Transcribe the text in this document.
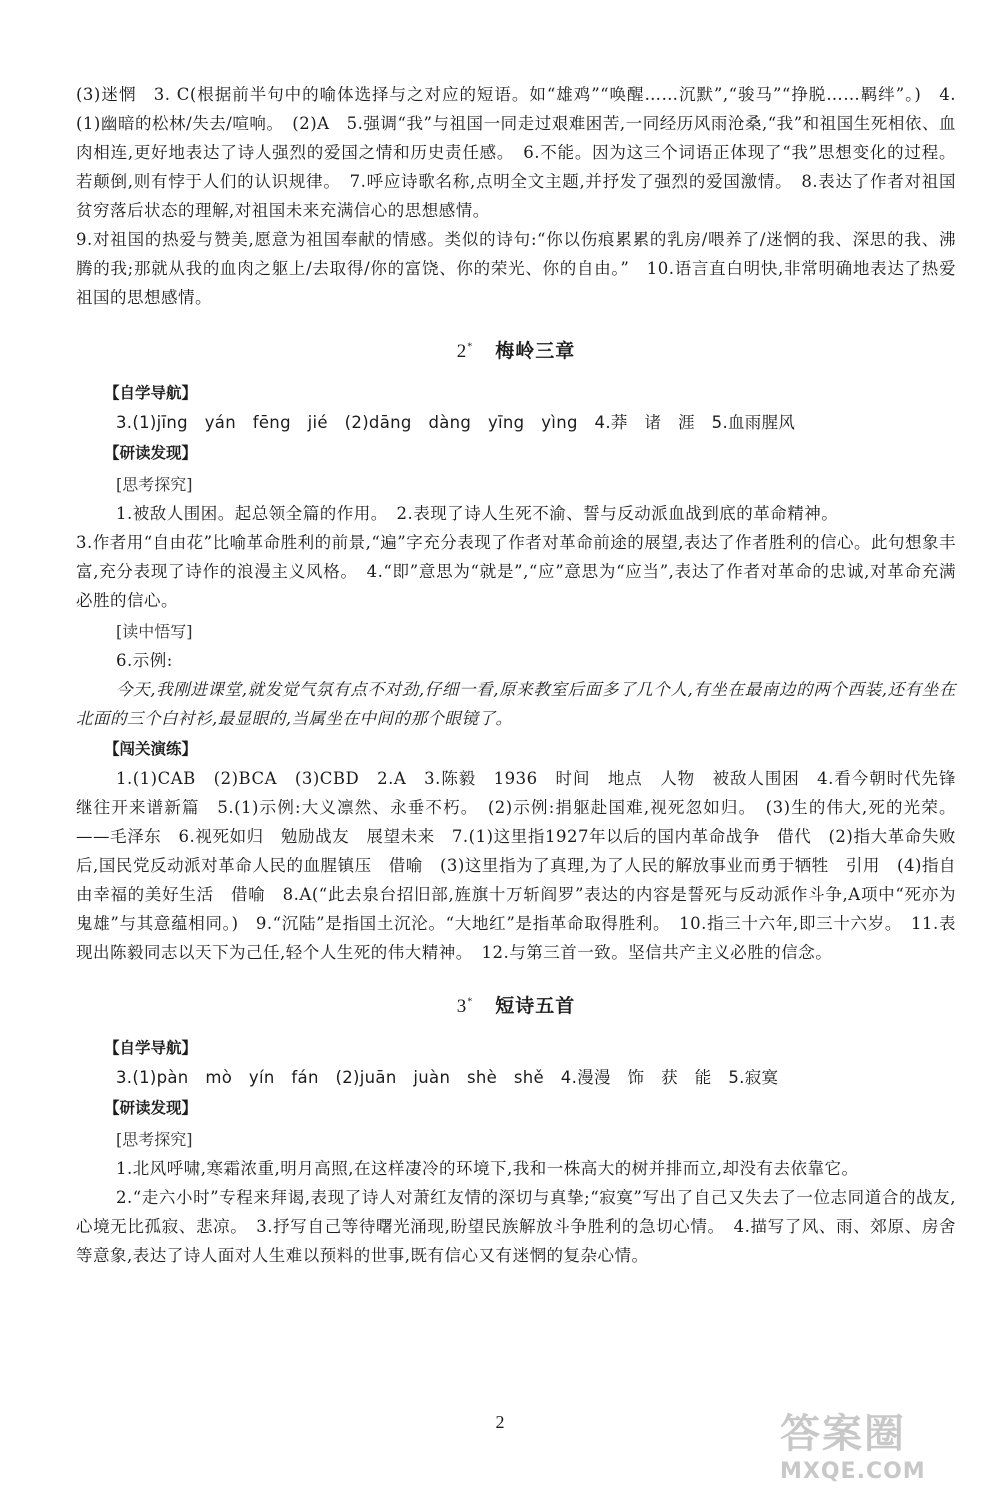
(3)迷惘　3. C(根据前半句中的喻体选择与之对应的短语。如“雄鸡”“唤醒……沉默”,“骏马”“挣脱……羁绊”。)　4.(1)幽暗的松林/失去/喧响。　(2)A　5.强调“我”与祖国一同走过艰难困苦,一同经历风雨沧桑,“我”和祖国生死相依、血肉相连,更好地表达了诗人强烈的爱国之情和历史责任感。　6.不能。因为这三个词语正体现了“我”思想变化的过程。若颠倒,则有悖于人们的认识规律。　7.呼应诗歌名称,点明全文主题,并抒发了强烈的爱国激情。　8.表达了作者对祖国贫穷落后状态的理解,对祖国未来充满信心的思想感情。

9.对祖国的热爱与赞美,愿意为祖国奉献的情感。类似的诗句:“你以伤痕累累的乳房/喂养了/迷惘的我、深思的我、沸腾的我;那就从我的血肉之躯上/去取得/你的富饶、你的荣光、你的自由。”　10.语言直白明快,非常明确地表达了热爱祖国的思想感情。

2* 梅岭三章
【自学导航】

3.(1)jīng　yán　fēng　jié　(2)dāng　dàng　yīng　yìng　4.莽　诸　涯　5.血雨腥风

【研读发现】
[思考探究]

1.被敌人围困。起总领全篇的作用。　2.表现了诗人生死不渝、誓与反动派血战到底的革命精神。

3.作者用“自由花”比喻革命胜利的前景,“遍”字充分表现了作者对革命前途的展望,表达了作者胜利的信心。此句想象丰富,充分表现了诗作的浪漫主义风格。　4.“即”意思为“就是”,“应”意思为“应当”,表达了作者对革命的忠诚,对革命充满必胜的信心。

[读中悟写]

6.示例:

今天,我刚进课堂,就发觉气氛有点不对劲,仔细一看,原来教室后面多了几个人,有坐在最南边的两个西装,还有坐在北面的三个白衬衫,最显眼的,当属坐在中间的那个眼镜了。

【闯关演练】

1.(1)CAB　(2)BCA　(3)CBD　2.A　3.陈毅　1936　时间　地点　人物　被敌人围困　4.看今朝时代先锋继往开来谱新篇　5.(1)示例:大义凛然、永垂不朽。　(2)示例:捐躯赴国难,视死忽如归。　(3)生的伟大,死的光荣。——毛泽东　6.视死如归　勉励战友　展望未来　7.(1)这里指1927年以后的国内革命战争　借代　(2)指大革命失败后,国民党反动派对革命人民的血腥镇压　借喻　(3)这里指为了真理,为了人民的解放事业而勇于牺牲　引用　(4)指自由幸福的美好生活　借喻　8.A(“此去泉台招旧部,旌旗十万斩阎罗”表达的内容是誓死与反动派作斗争,A项中“死亦为鬼雄”与其意蕴相同。)　9.“沉陆”是指国土沉沦。“大地红”是指革命取得胜利。　10.指三十六年,即三十六岁。　11.表现出陈毅同志以天下为己任,轻个人生死的伟大精神。　12.与第三首一致。坚信共产主义必胜的信念。

3* 短诗五首
【自学导航】

3.(1)pàn　mò　yín　fán　(2)juān　juàn　shè　shě　4.漫漫　饰　获　能　5.寂寞

【研读发现】
[思考探究]

1.北风呼啸,寒霜浓重,明月高照,在这样凄冷的环境下,我和一株高大的树并排而立,却没有去依靠它。

2.“走六小时”专程来拜谒,表现了诗人对萧红友情的深切与真挚;“寂寞”写出了自己又失去了一位志同道合的战友,心境无比孤寂、悲凉。　3.抒写自己等待曙光涌现,盼望民族解放斗争胜利的急切心情。　4.描写了风、雨、郊原、房舍等意象,表达了诗人面对人生难以预料的世事,既有信心又有迷惘的复杂心情。

2	答案圈
MXQE.COM
